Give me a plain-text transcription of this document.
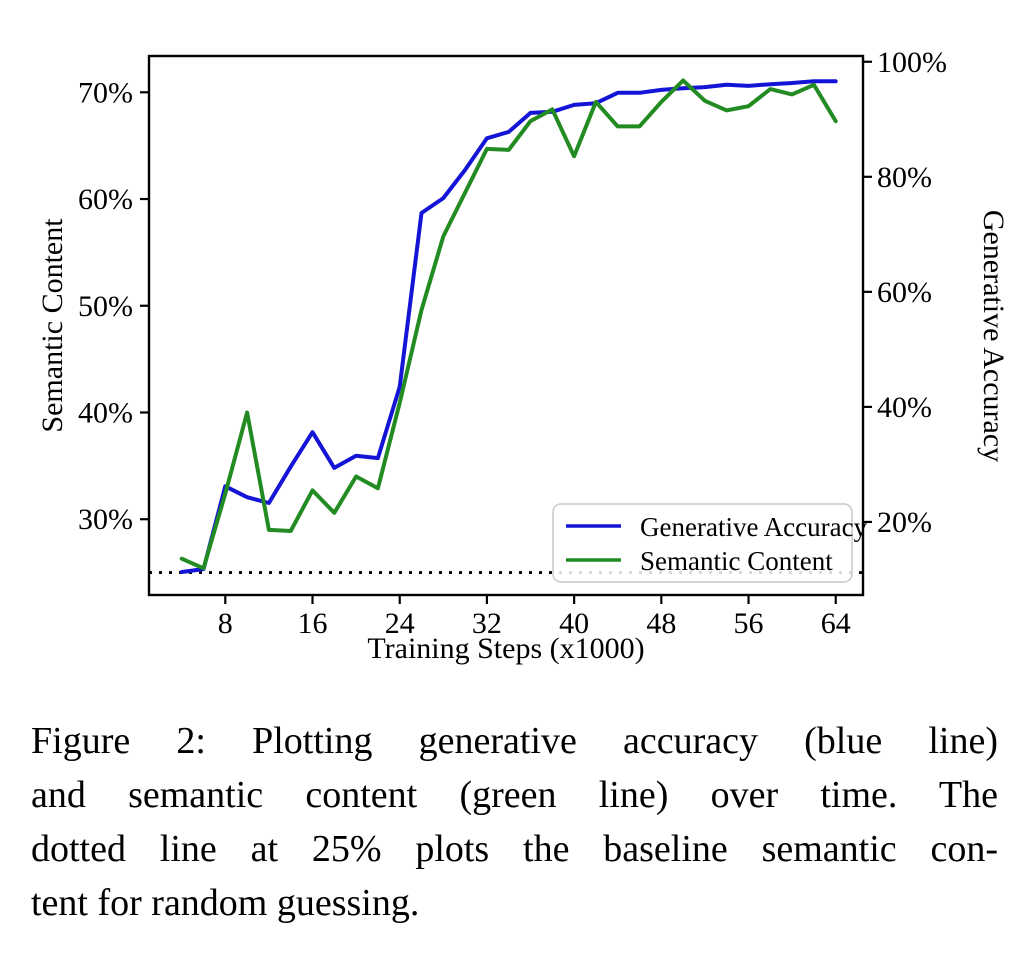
8 16 24 32 40 48 56 64
30%
40%
50%
60%
70%
20%
40%
60%
80%
100%
Training Steps (x1000)
Semantic Content	Generative Accuracy
Generative Accuracy
Semantic Content
Figure 2: Plotting generative accuracy (blue line)
and semantic content (green line) over time. The
dotted line at 25% plots the baseline semantic con-
tent for random guessing.
